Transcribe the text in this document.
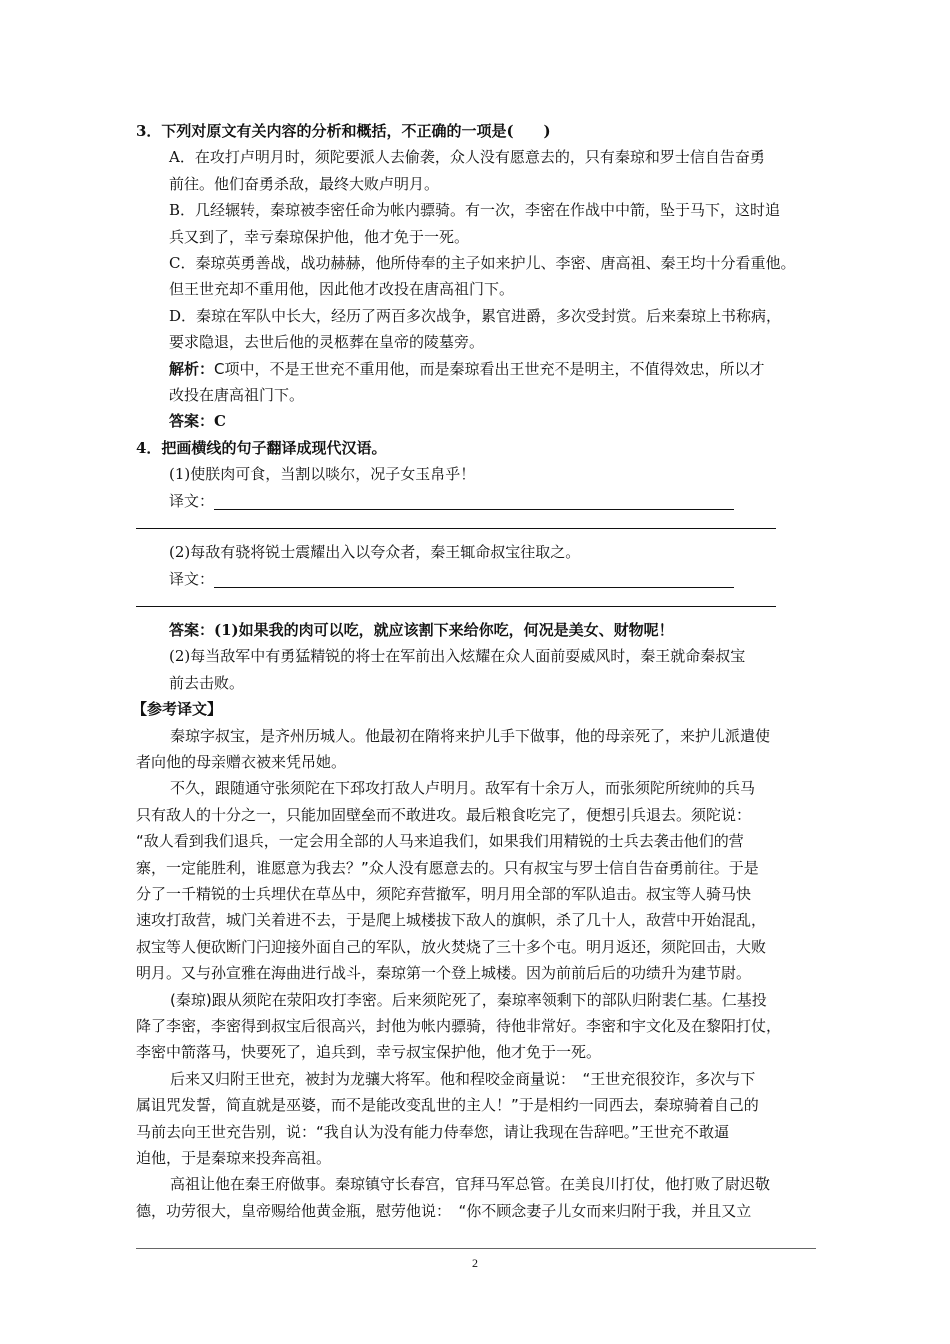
3．下列对原文有关内容的分析和概括，不正确的一项是(　　)

A．在攻打卢明月时，须陀要派人去偷袭，众人没有愿意去的，只有秦琼和罗士信自告奋勇

前往。他们奋勇杀敌，最终大败卢明月。

B．几经辗转，秦琼被李密任命为帐内骠骑。有一次，李密在作战中中箭，坠于马下，这时追

兵又到了，幸亏秦琼保护他，他才免于一死。

C．秦琼英勇善战，战功赫赫，他所侍奉的主子如来护儿、李密、唐高祖、秦王均十分看重他。

但王世充却不重用他，因此他才改投在唐高祖门下。

D．秦琼在军队中长大，经历了两百多次战争，累官进爵，多次受封赏。后来秦琼上书称病，

要求隐退，去世后他的灵柩葬在皇帝的陵墓旁。

解析：C项中，不是王世充不重用他，而是秦琼看出王世充不是明主，不值得效忠，所以才

改投在唐高祖门下。

答案：C

4．把画横线的句子翻译成现代汉语。

(1)使朕肉可食，当割以啖尔，况子女玉帛乎！

译文：

(2)每敌有骁将锐士震耀出入以夸众者，秦王辄命叔宝往取之。

译文：

答案：(1)如果我的肉可以吃，就应该割下来给你吃，何况是美女、财物呢！

(2)每当敌军中有勇猛精锐的将士在军前出入炫耀在众人面前耍威风时，秦王就命秦叔宝

前去击败。

【参考译文】

秦琼字叔宝，是齐州历城人。他最初在隋将来护儿手下做事，他的母亲死了，来护儿派遣使

者向他的母亲赠衣被来凭吊她。

不久，跟随通守张须陀在下邳攻打敌人卢明月。敌军有十余万人，而张须陀所统帅的兵马

只有敌人的十分之一，只能加固壁垒而不敢进攻。最后粮食吃完了，便想引兵退去。须陀说：

“敌人看到我们退兵，一定会用全部的人马来追我们，如果我们用精锐的士兵去袭击他们的营

寨，一定能胜利，谁愿意为我去？”众人没有愿意去的。只有叔宝与罗士信自告奋勇前往。于是

分了一千精锐的士兵埋伏在草丛中，须陀弃营撤军，明月用全部的军队追击。叔宝等人骑马快

速攻打敌营，城门关着进不去，于是爬上城楼拔下敌人的旗帜，杀了几十人，敌营中开始混乱，

叔宝等人便砍断门闩迎接外面自己的军队，放火焚烧了三十多个屯。明月返还，须陀回击，大败

明月。又与孙宣雅在海曲进行战斗，秦琼第一个登上城楼。因为前前后后的功绩升为建节尉。

(秦琼)跟从须陀在荥阳攻打李密。后来须陀死了，秦琼率领剩下的部队归附裴仁基。仁基投

降了李密，李密得到叔宝后很高兴，封他为帐内骠骑，待他非常好。李密和宇文化及在黎阳打仗，

李密中箭落马，快要死了，追兵到，幸亏叔宝保护他，他才免于一死。

后来又归附王世充，被封为龙骧大将军。他和程咬金商量说：　“王世充很狡诈，多次与下

属诅咒发誓，简直就是巫婆，而不是能改变乱世的主人！”于是相约一同西去，秦琼骑着自己的

马前去向王世充告别，说：“我自认为没有能力侍奉您，请让我现在告辞吧。”王世充不敢逼

迫他，于是秦琼来投奔高祖。

高祖让他在秦王府做事。秦琼镇守长春宫，官拜马军总管。在美良川打仗，他打败了尉迟敬

德，功劳很大，皇帝赐给他黄金瓶，慰劳他说：　“你不顾念妻子儿女而来归附于我，并且又立

2
